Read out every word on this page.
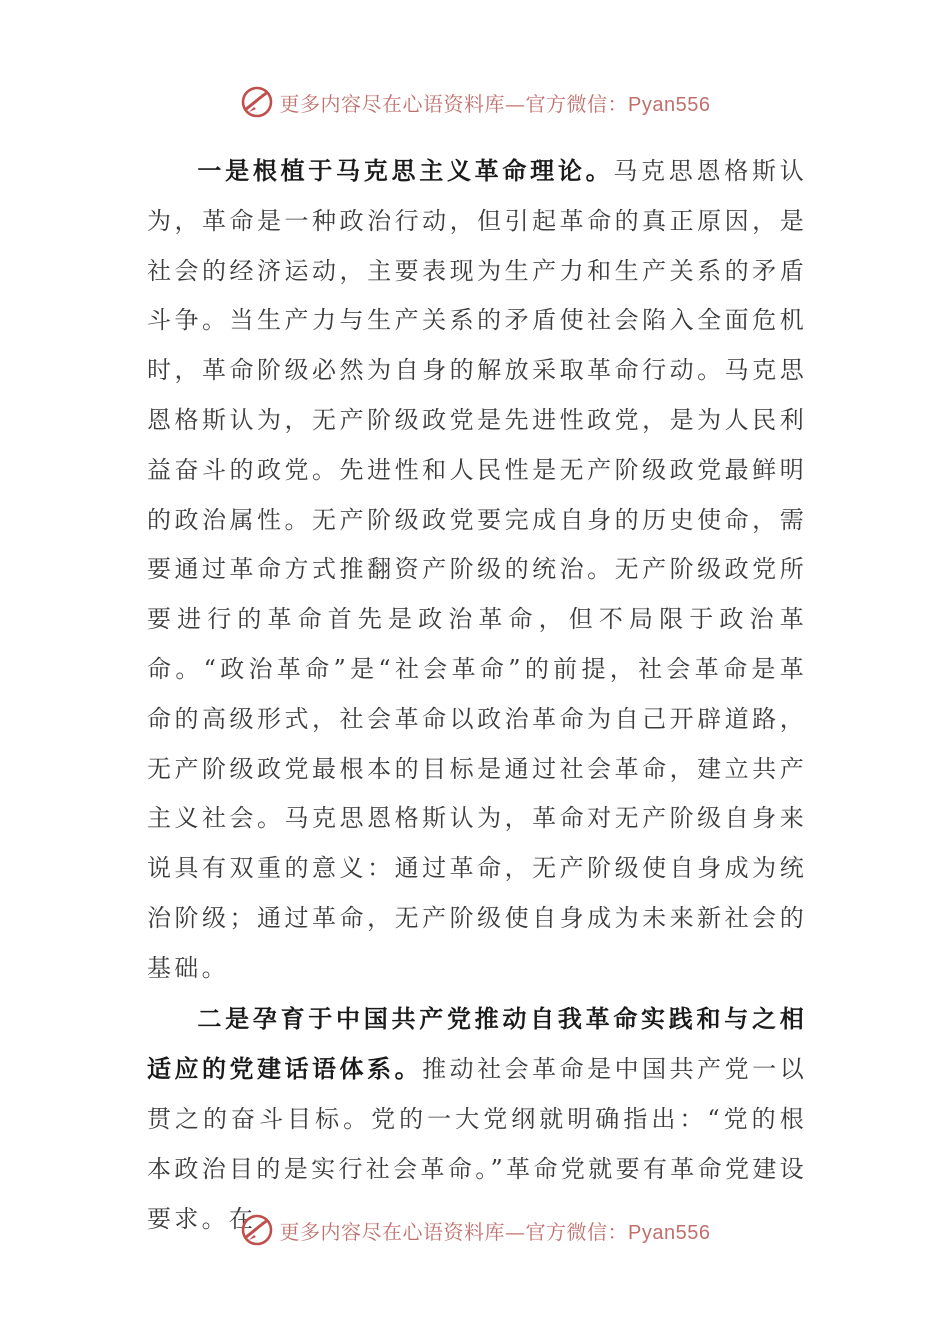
更多内容尽在心语资料库—官方微信：Pyan556

一是根植于马克思主义革命理论。马克思恩格斯认为，革命是一种政治行动，但引起革命的真正原因，是社会的经济运动，主要表现为生产力和生产关系的矛盾斗争。当生产力与生产关系的矛盾使社会陷入全面危机时，革命阶级必然为自身的解放采取革命行动。马克思恩格斯认为，无产阶级政党是先进性政党，是为人民利益奋斗的政党。先进性和人民性是无产阶级政党最鲜明的政治属性。无产阶级政党要完成自身的历史使命，需要通过革命方式推翻资产阶级的统治。无产阶级政党所要进行的革命首先是政治革命，但不局限于政治革命。“政治革命”是“社会革命”的前提，社会革命是革命的高级形式，社会革命以政治革命为自己开辟道路，无产阶级政党最根本的目标是通过社会革命，建立共产主义社会。马克思恩格斯认为，革命对无产阶级自身来说具有双重的意义：通过革命，无产阶级使自身成为统治阶级；通过革命，无产阶级使自身成为未来新社会的基础。

二是孕育于中国共产党推动自我革命实践和与之相适应的党建话语体系。推动社会革命是中国共产党一以贯之的奋斗目标。党的一大党纲就明确指出：“党的根本政治目的是实行社会革命。”革命党就要有革命党建设要求。在	更多内容尽在心语资料库—官方微信：Pyan556
